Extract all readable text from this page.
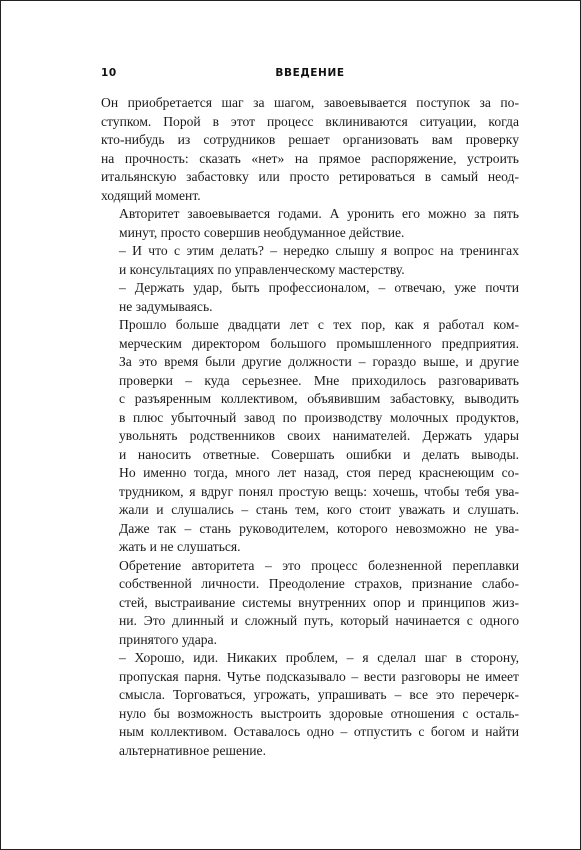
10	ВВЕДЕНИЕ

Он приобретается шаг за шагом, завоевывается поступок за по-
ступком. Порой в этот процесс вклиниваются ситуации, когда
кто-нибудь из сотрудников решает организовать вам проверку
на прочность: сказать «нет» на прямое распоряжение, устроить
итальянскую забастовку или просто ретироваться в самый неод-
ходящий момент.

Авторитет завоевывается годами. А уронить его можно за пять
минут, просто совершив необдуманное действие.

– И что с этим делать? – нередко слышу я вопрос на тренингах
и консультациях по управленческому мастерству.

– Держать удар, быть профессионалом, – отвечаю, уже почти
не задумываясь.

Прошло больше двадцати лет с тех пор, как я работал ком-
мерческим директором большого промышленного предприятия.
За это время были другие должности – гораздо выше, и другие
проверки – куда серьезнее. Мне приходилось разговаривать
с разъяренным коллективом, объявившим забастовку, выводить
в плюс убыточный завод по производству молочных продуктов,
увольнять родственников своих нанимателей. Держать удары
и наносить ответные. Совершать ошибки и делать выводы.
Но именно тогда, много лет назад, стоя перед краснеющим со-
трудником, я вдруг понял простую вещь: хочешь, чтобы тебя ува-
жали и слушались – стань тем, кого стоит уважать и слушать.
Даже так – стань руководителем, которого невозможно не ува-
жать и не слушаться.

Обретение авторитета – это процесс болезненной переплавки
собственной личности. Преодоление страхов, признание слабо-
стей, выстраивание системы внутренних опор и принципов жиз-
ни. Это длинный и сложный путь, который начинается с одного
принятого удара.

– Хорошо, иди. Никаких проблем, – я сделал шаг в сторону,
пропуская парня. Чутье подсказывало – вести разговоры не имеет
смысла. Торговаться, угрожать, упрашивать – все это перечерк-
нуло бы возможность выстроить здоровые отношения с осталь-
ным коллективом. Оставалось одно – отпустить с богом и найти
альтернативное решение.
